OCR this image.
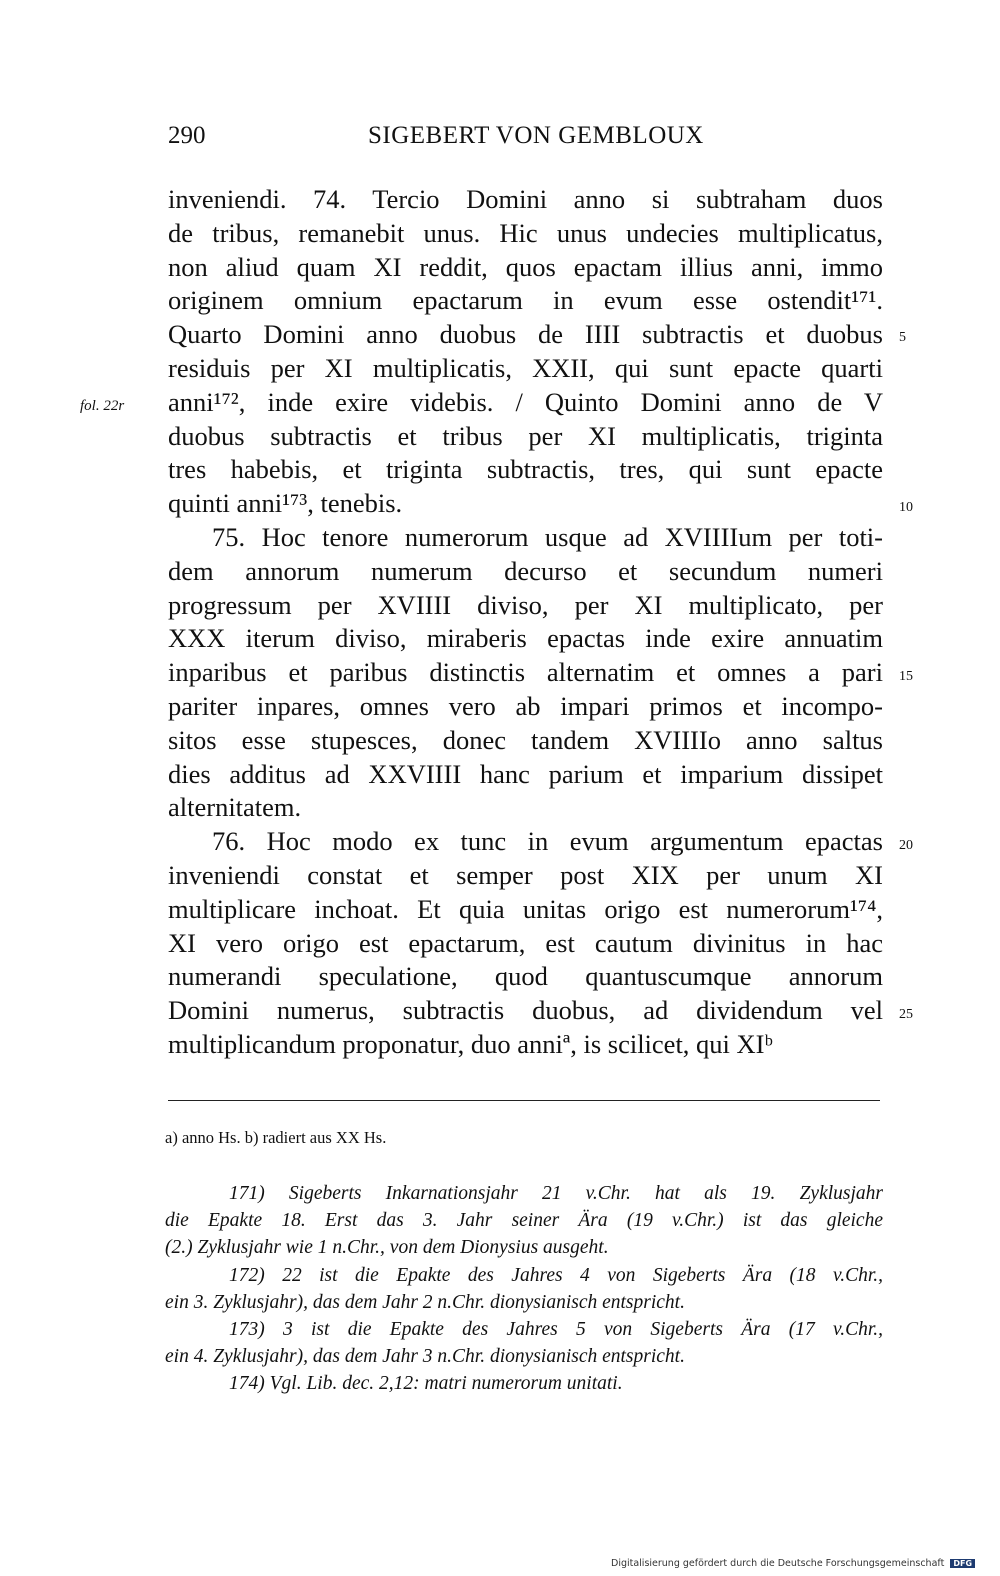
290	SIGEBERT VON GEMBLOUX
fol. 22r
inveniendi. 74. Tercio Domini anno si subtraham duos
de tribus, remanebit unus. Hic unus undecies multiplicatus,
non aliud quam XI reddit, quos epactam illius anni, immo
originem omnium epactarum in evum esse ostendit¹⁷¹.
Quarto Domini anno duobus de IIII subtractis et duobus
residuis per XI multiplicatis, XXII, qui sunt epacte quarti
anni¹⁷², inde exire videbis. / Quinto Domini anno de V
duobus subtractis et tribus per XI multiplicatis, triginta
tres habebis, et triginta subtractis, tres, qui sunt epacte
quinti anni¹⁷³, tenebis.
75. Hoc tenore numerorum usque ad XVIIIIum per toti-
dem annorum numerum decurso et secundum numeri
progressum per XVIIII diviso, per XI multiplicato, per
XXX iterum diviso, miraberis epactas inde exire annuatim
inparibus et paribus distinctis alternatim et omnes a pari
pariter inpares, omnes vero ab impari primos et incompo-
sitos esse stupesces, donec tandem XVIIIIo anno saltus
dies additus ad XXVIIII hanc parium et imparium dissipet
alternitatem.
76. Hoc modo ex tunc in evum argumentum epactas
inveniendi constat et semper post XIX per unum XI
multiplicare inchoat. Et quia unitas origo est numerorum¹⁷⁴,
XI vero origo est epactarum, est cautum divinitus in hac
numerandi speculatione, quod quantuscumque annorum
Domini numerus, subtractis duobus, ad dividendum vel
multiplicandum proponatur, duo anniª, is scilicet, qui XIᵇ
5
10
15
20
25
a) anno Hs. b) radiert aus XX Hs.

171) Sigeberts Inkarnationsjahr 21 v.Chr. hat als 19. Zyklusjahr

die Epakte 18. Erst das 3. Jahr seiner Ära (19 v.Chr.) ist das gleiche

(2.) Zyklusjahr wie 1 n.Chr., von dem Dionysius ausgeht.

172) 22 ist die Epakte des Jahres 4 von Sigeberts Ära (18 v.Chr.,

ein 3. Zyklusjahr), das dem Jahr 2 n.Chr. dionysianisch entspricht.

173) 3 ist die Epakte des Jahres 5 von Sigeberts Ära (17 v.Chr.,

ein 4. Zyklusjahr), das dem Jahr 3 n.Chr. dionysianisch entspricht.

174) Vgl. Lib. dec. 2,12: matri numerorum unitati.

Digitalisierung gefördert durch die Deutsche Forschungsgemeinschaft DFG
